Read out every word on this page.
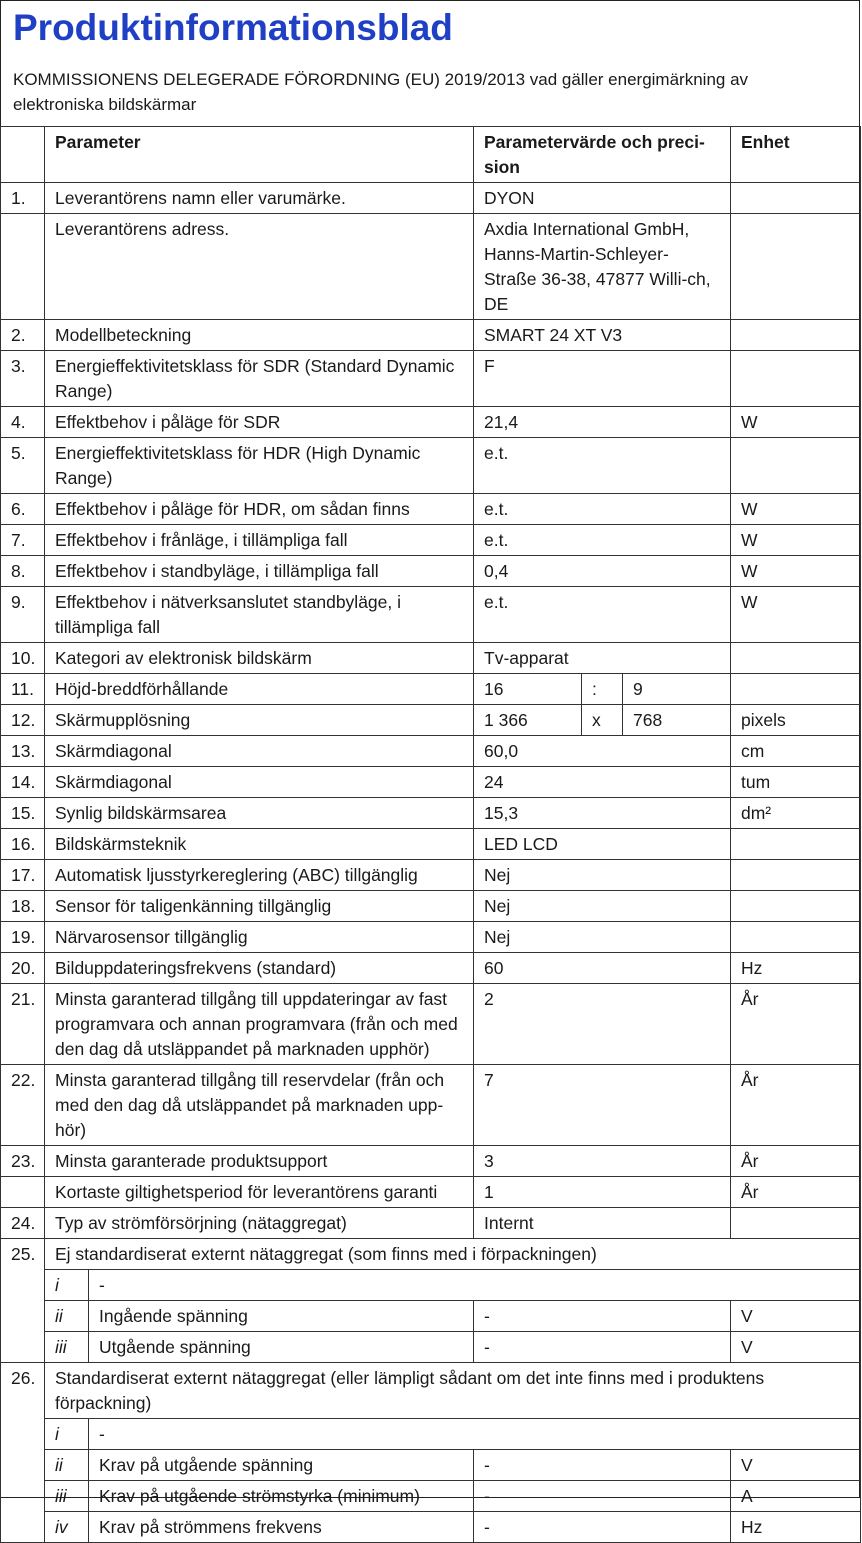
Produktinformationsblad
KOMMISSIONENS DELEGERADE FÖRORDNING (EU) 2019/2013 vad gäller energimärkning av elektroniska bildskärmar
	Parameter		Parametervärde och preci-sion			Enhet
1.	Leverantörens namn eller varumärke.		DYON			
	Leverantörens adress.		Axdia International GmbH, Hanns-Martin-Schleyer-Straße 36-38, 47877 Willi-ch, DE			
2.	Modellbeteckning		SMART 24 XT V3			
3.	Energieffektivitetsklass för SDR (Standard Dynamic Range)		F			
4.	Effektbehov i påläge för SDR		21,4			W
5.	Energieffektivitetsklass för HDR (High Dynamic Range)		e.t.			
6.	Effektbehov i påläge för HDR, om sådan finns		e.t.			W
7.	Effektbehov i frånläge, i tillämpliga fall		e.t.			W
8.	Effektbehov i standbyläge, i tillämpliga fall		0,4			W
9.	Effektbehov i nätverksanslutet standbyläge, i tillämpliga fall		e.t.			W
10.	Kategori av elektronisk bildskärm		Tv-apparat			
11.	Höjd-breddförhållande		16	:	9	
12.	Skärmupplösning		1 366	x	768	pixels
13.	Skärmdiagonal		60,0			cm
14.	Skärmdiagonal		24			tum
15.	Synlig bildskärmsarea		15,3			dm²
16.	Bildskärmsteknik		LED LCD			
17.	Automatisk ljusstyrkereglering (ABC) tillgänglig		Nej			
18.	Sensor för taligenkänning tillgänglig		Nej			
19.	Närvarosensor tillgänglig		Nej			
20.	Bilduppdateringsfrekvens (standard)		60			Hz
21.	Minsta garanterad tillgång till uppdateringar av fast programvara och annan programvara (från och med den dag då utsläppandet på marknaden upphör)		2			År
22.	Minsta garanterad tillgång till reservdelar (från och med den dag då utsläppandet på marknaden upp-hör)		7			År
23.	Minsta garanterade produktsupport		3			År
	Kortaste giltighetsperiod för leverantörens garanti		1			År
24.	Typ av strömförsörjning (nätaggregat)		Internt			
25.	Ej standardiserat externt nätaggregat (som finns med i förpackningen)					
	i	-				
	ii	Ingående spänning	-			V
	iii	Utgående spänning	-			V
26.	Standardiserat externt nätaggregat (eller lämpligt sådant om det inte finns med i produktens förpackning)					
	i	-				
	ii	Krav på utgående spänning	-			V
	iii	Krav på utgående strömstyrka (minimum)	-			A
	iv	Krav på strömmens frekvens	-			Hz
